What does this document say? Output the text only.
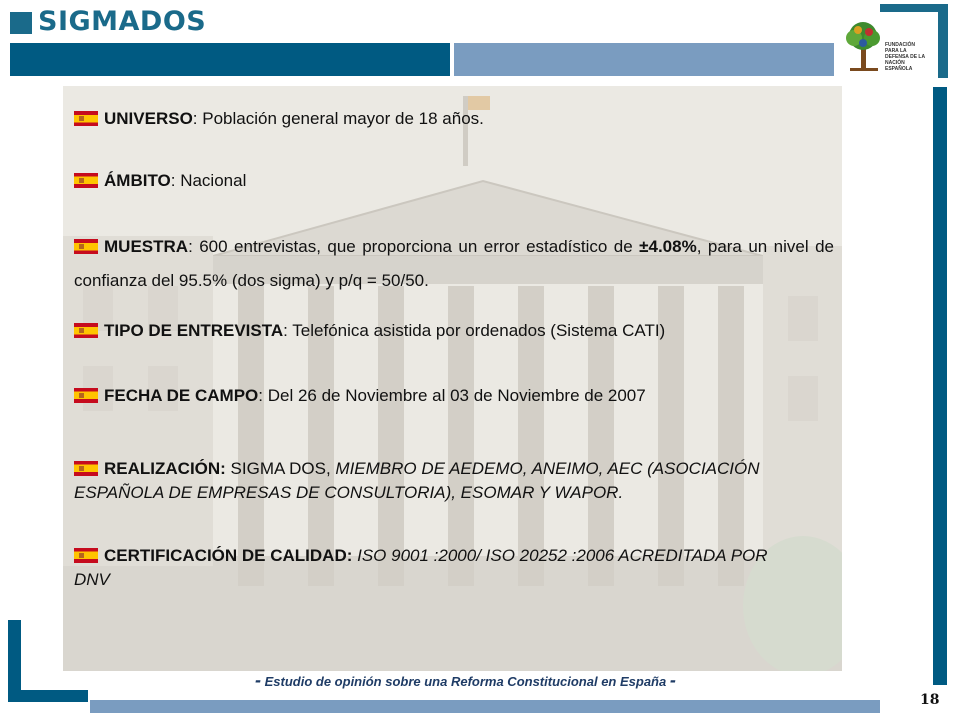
SIGMADOS
FUNDACIÓN PARA LA DEFENSA DE LA NACIÓN ESPAÑOLA
UNIVERSO: Población general mayor de 18 años.
ÁMBITO: Nacional
MUESTRA: 600 entrevistas, que proporciona un error estadístico de ±4.08%, para un nivel de confianza del 95.5% (dos sigma) y p/q = 50/50.
TIPO DE ENTREVISTA: Telefónica asistida por ordenados (Sistema CATI)
FECHA DE CAMPO: Del 26 de Noviembre al 03 de Noviembre de 2007
REALIZACIÓN: SIGMA DOS, MIEMBRO DE AEDEMO, ANEIMO, AEC (ASOCIACIÓN ESPAÑOLA DE EMPRESAS DE CONSULTORIA), ESOMAR Y WAPOR.
CERTIFICACIÓN DE CALIDAD: ISO 9001 :2000/ ISO 20252 :2006 ACREDITADA POR DNV
- Estudio de opinión sobre una Reforma Constitucional en España -
18
